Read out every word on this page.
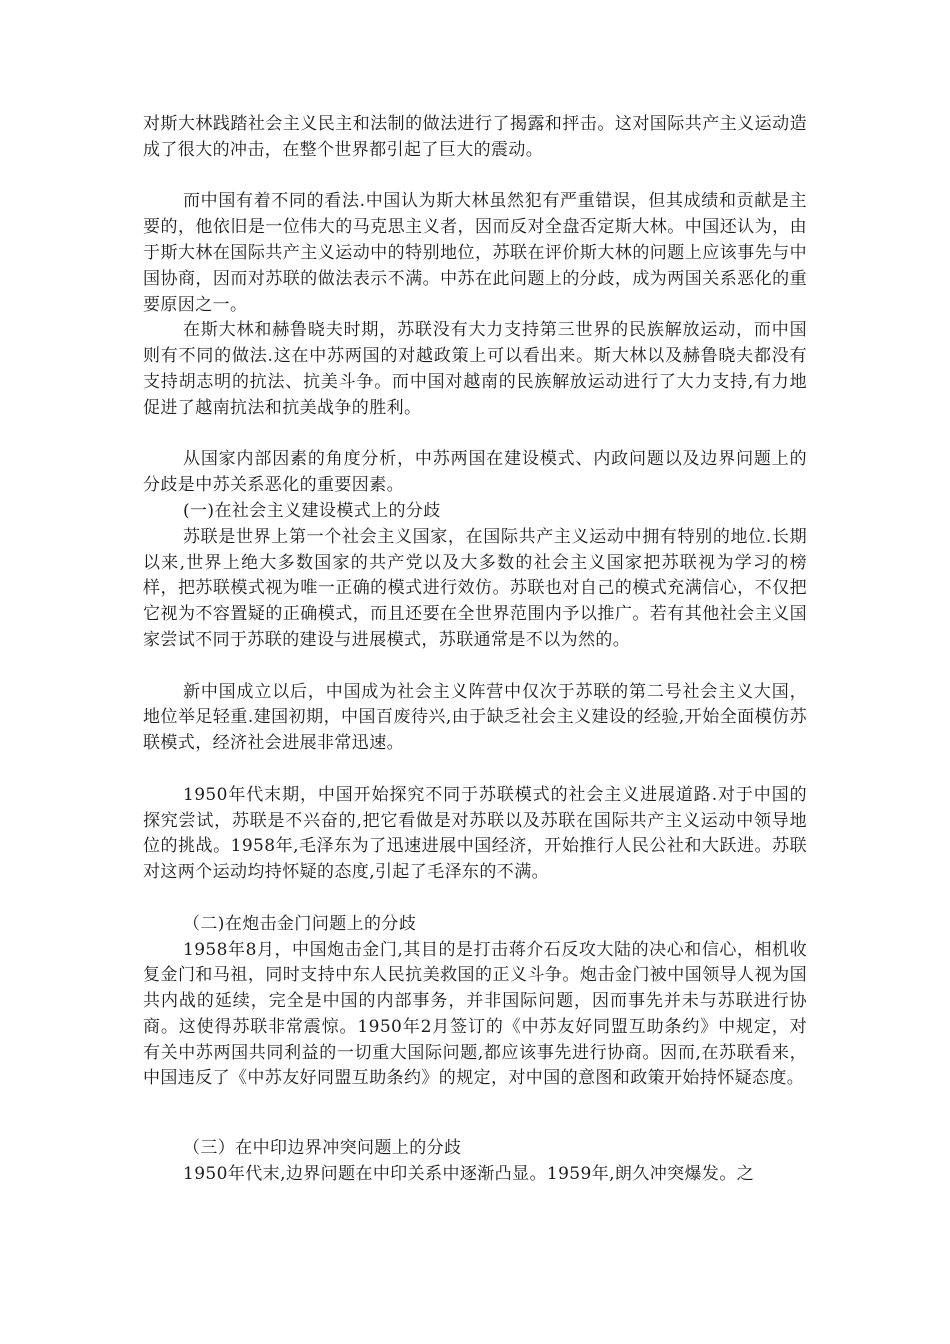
对斯大林践踏社会主义民主和法制的做法进行了揭露和抨击。这对国际共产主义运动造成了很大的冲击，在整个世界都引起了巨大的震动。

而中国有着不同的看法.中国认为斯大林虽然犯有严重错误，但其成绩和贡献是主要的，他依旧是一位伟大的马克思主义者，因而反对全盘否定斯大林。中国还认为，由于斯大林在国际共产主义运动中的特别地位，苏联在评价斯大林的问题上应该事先与中国协商，因而对苏联的做法表示不满。中苏在此问题上的分歧，成为两国关系恶化的重要原因之一。

在斯大林和赫鲁晓夫时期，苏联没有大力支持第三世界的民族解放运动，而中国则有不同的做法.这在中苏两国的对越政策上可以看出来。斯大林以及赫鲁晓夫都没有支持胡志明的抗法、抗美斗争。而中国对越南的民族解放运动进行了大力支持,有力地促进了越南抗法和抗美战争的胜利。

从国家内部因素的角度分析，中苏两国在建设模式、内政问题以及边界问题上的分歧是中苏关系恶化的重要因素。

(一)在社会主义建设模式上的分歧

苏联是世界上第一个社会主义国家，在国际共产主义运动中拥有特别的地位.长期以来,世界上绝大多数国家的共产党以及大多数的社会主义国家把苏联视为学习的榜样，把苏联模式视为唯一正确的模式进行效仿。苏联也对自己的模式充满信心，不仅把它视为不容置疑的正确模式，而且还要在全世界范围内予以推广。若有其他社会主义国家尝试不同于苏联的建设与进展模式，苏联通常是不以为然的。

新中国成立以后，中国成为社会主义阵营中仅次于苏联的第二号社会主义大国，地位举足轻重.建国初期，中国百废待兴,由于缺乏社会主义建设的经验,开始全面模仿苏联模式，经济社会进展非常迅速。

1950年代末期，中国开始探究不同于苏联模式的社会主义进展道路.对于中国的探究尝试，苏联是不兴奋的,把它看做是对苏联以及苏联在国际共产主义运动中领导地位的挑战。1958年,毛泽东为了迅速进展中国经济，开始推行人民公社和大跃进。苏联对这两个运动均持怀疑的态度,引起了毛泽东的不满。

（二)在炮击金门问题上的分歧

1958年8月，中国炮击金门,其目的是打击蒋介石反攻大陆的决心和信心，相机收复金门和马祖，同时支持中东人民抗美救国的正义斗争。炮击金门被中国领导人视为国共内战的延续，完全是中国的内部事务，并非国际问题，因而事先并未与苏联进行协商。这使得苏联非常震惊。1950年2月签订的《中苏友好同盟互助条约》中规定，对有关中苏两国共同利益的一切重大国际问题,都应该事先进行协商。因而,在苏联看来，中国违反了《中苏友好同盟互助条约》的规定，对中国的意图和政策开始持怀疑态度。

（三）在中印边界冲突问题上的分歧

1950年代末,边界问题在中印关系中逐渐凸显。1959年,朗久冲突爆发。之
